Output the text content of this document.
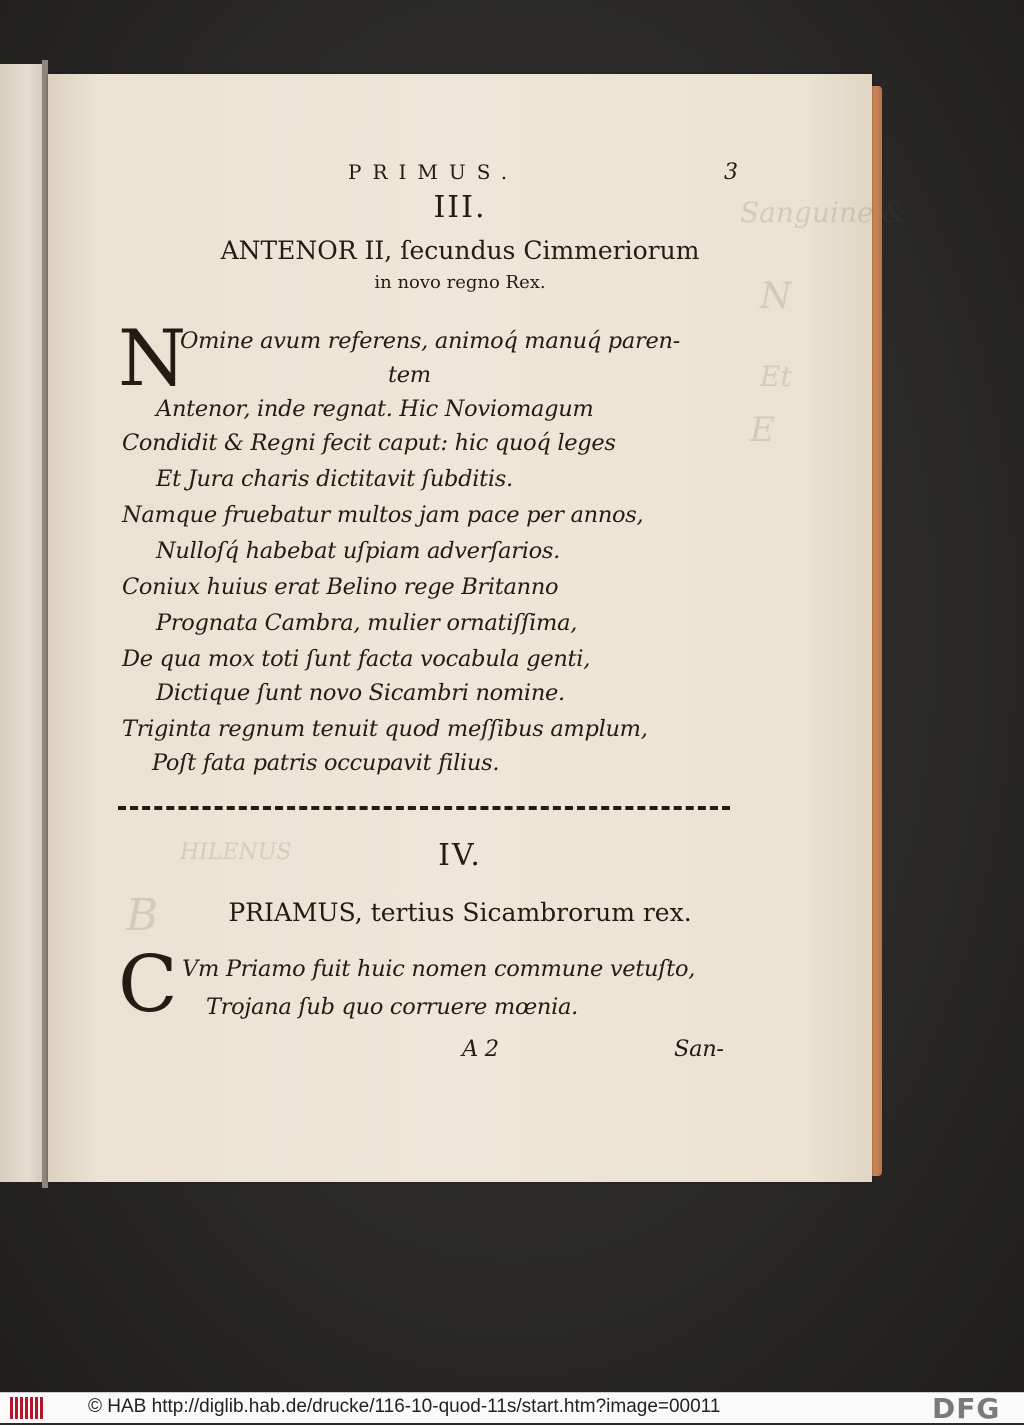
Sanguine &
N
Et
E
HILENUS
B
PRIMUS.	3
III.
ANTENOR II, ſecundus Cimmeriorum
in novo regno Rex.
N
Omine avum referens, animoq́ manuq́ paren-
tem
Antenor, inde regnat. Hic Noviomagum
Condidit & Regni fecit caput: hic quoq́ leges
Et Jura charis dictitavit ſubditis.
Namque fruebatur multos jam pace per annos,
Nulloſq́ habebat uſpiam adverſarios.
Coniux huius erat Belino rege Britanno
Prognata Cambra, mulier ornatiſſima,
De qua mox toti ſunt facta vocabula genti,
Dictique ſunt novo Sicambri nomine.
Triginta regnum tenuit quod meſſibus amplum,
Poſt fata patris occupavit filius.
IV.
PRIAMUS, tertius Sicambrorum rex.
C Vm Priamo fuit huic nomen commune vetuſto,
Trojana ſub quo corruere mœnia.
A 2	San-
© HAB http://diglib.hab.de/drucke/116-10-quod-11s/start.htm?image=00011	DFG
